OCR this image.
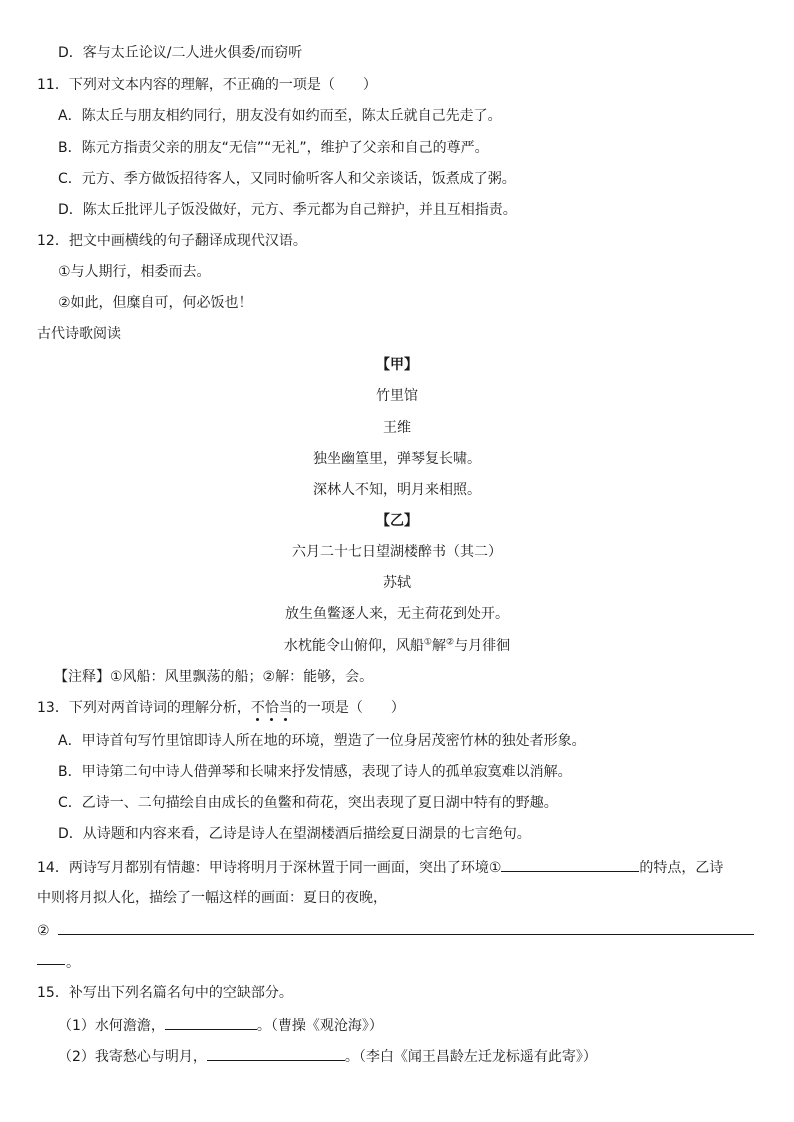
D．客与太丘论议/二人进火俱委/而窃听
11．下列对文本内容的理解，不正确的一项是（　　）
A．陈太丘与朋友相约同行，朋友没有如约而至，陈太丘就自己先走了。
B．陈元方指责父亲的朋友“无信”“无礼”，维护了父亲和自己的尊严。
C．元方、季方做饭招待客人，又同时偷听客人和父亲谈话，饭煮成了粥。
D．陈太丘批评儿子饭没做好，元方、季元都为自己辩护，并且互相指责。
12．把文中画横线的句子翻译成现代汉语。
①与人期行，相委而去。
②如此，但糜自可，何必饭也！
古代诗歌阅读
【甲】
竹里馆
王维
独坐幽篁里，弹琴复长啸。
深林人不知，明月来相照。
【乙】
六月二十七日望湖楼醉书（其二）
苏轼
放生鱼鳖逐人来，无主荷花到处开。
水枕能令山俯仰，风船①解②与月徘徊
【注释】①风船：风里飘荡的船；②解：能够，会。
13．下列对两首诗词的理解分析，不恰当的一项是（　　）
A．甲诗首句写竹里馆即诗人所在地的环境，塑造了一位身居茂密竹林的独处者形象。
B．甲诗第二句中诗人借弹琴和长啸来抒发情感，表现了诗人的孤单寂寞难以消解。
C．乙诗一、二句描绘自由成长的鱼鳖和荷花，突出表现了夏日湖中特有的野趣。
D．从诗题和内容来看，乙诗是诗人在望湖楼酒后描绘夏日湖景的七言绝句。
14．两诗写月都别有情趣：甲诗将明月于深林置于同一画面，突出了环境①	的特点，乙诗
中则将月拟人化，描绘了一幅这样的画面：夏日的夜晚，
②
。
15．补写出下列名篇名句中的空缺部分。
（1）水何澹澹，	。（曹操《观沧海》）
（2）我寄愁心与明月，	。（李白《闻王昌龄左迁龙标遥有此寄》）
